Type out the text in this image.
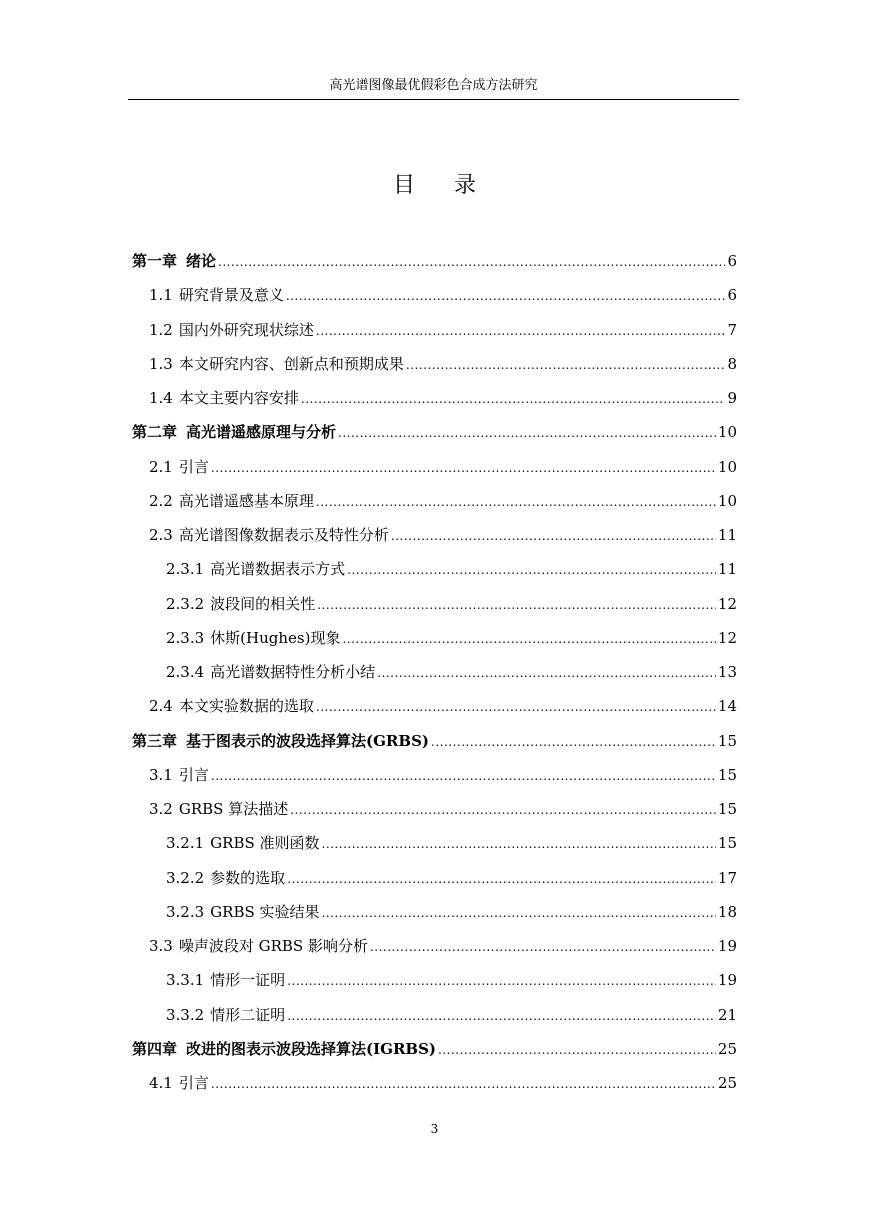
高光谱图像最优假彩色合成方法研究
目 录
第一章 绪论 .....	6
1.1 研究背景及意义 .....	6
1.2 国内外研究现状综述 .....	7
1.3 本文研究内容、创新点和预期成果 .....	8
1.4 本文主要内容安排 .....	9
第二章 高光谱遥感原理与分析 .....	10
2.1 引言 .....	10
2.2 高光谱遥感基本原理 .....	10
2.3 高光谱图像数据表示及特性分析 .....	11
2.3.1 高光谱数据表示方式 .....	11
2.3.2 波段间的相关性 .....	12
2.3.3 休斯(Hughes)现象 .....	12
2.3.4 高光谱数据特性分析小结 .....	13
2.4 本文实验数据的选取 .....	14
第三章 基于图表示的波段选择算法(GRBS) .....	15
3.1 引言 .....	15
3.2 GRBS 算法描述 .....	15
3.2.1 GRBS 准则函数 .....	15
3.2.2 参数的选取 .....	17
3.2.3 GRBS 实验结果 .....	18
3.3 噪声波段对 GRBS 影响分析 .....	19
3.3.1 情形一证明 .....	19
3.3.2 情形二证明 .....	21
第四章 改进的图表示波段选择算法(IGRBS) .....	25
4.1 引言 .....	25
3
